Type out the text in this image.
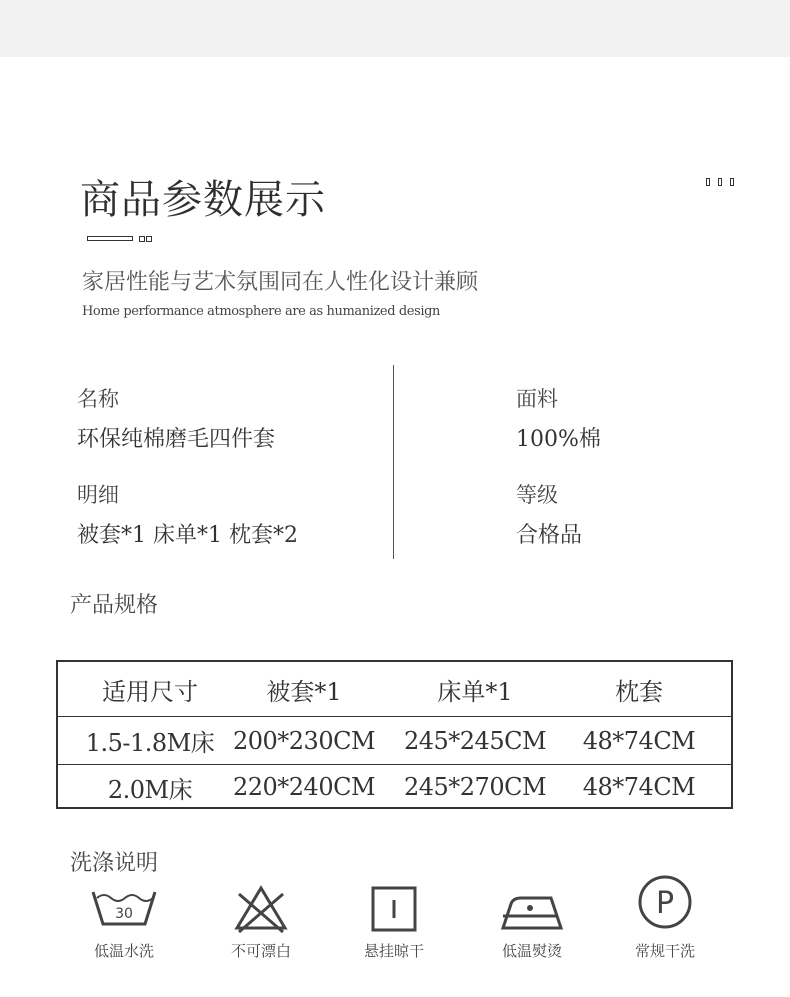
商品参数展示
家居性能与艺术氛围同在人性化设计兼顾
Home performance atmosphere are as humanized design
名称
环保纯棉磨毛四件套
明细
被套*1 床单*1 枕套*2
面料
100%棉
等级
合格品
产品规格
适用尺寸	被套*1	床单*1	枕套
1.5-1.8M床 200*230CM 245*245CM 48*74CM
2.0M床	220*240CM 245*270CM 48*74CM
洗涤说明
30
低温水洗	不可漂白	悬挂晾干	低温熨烫
P
常规干洗
